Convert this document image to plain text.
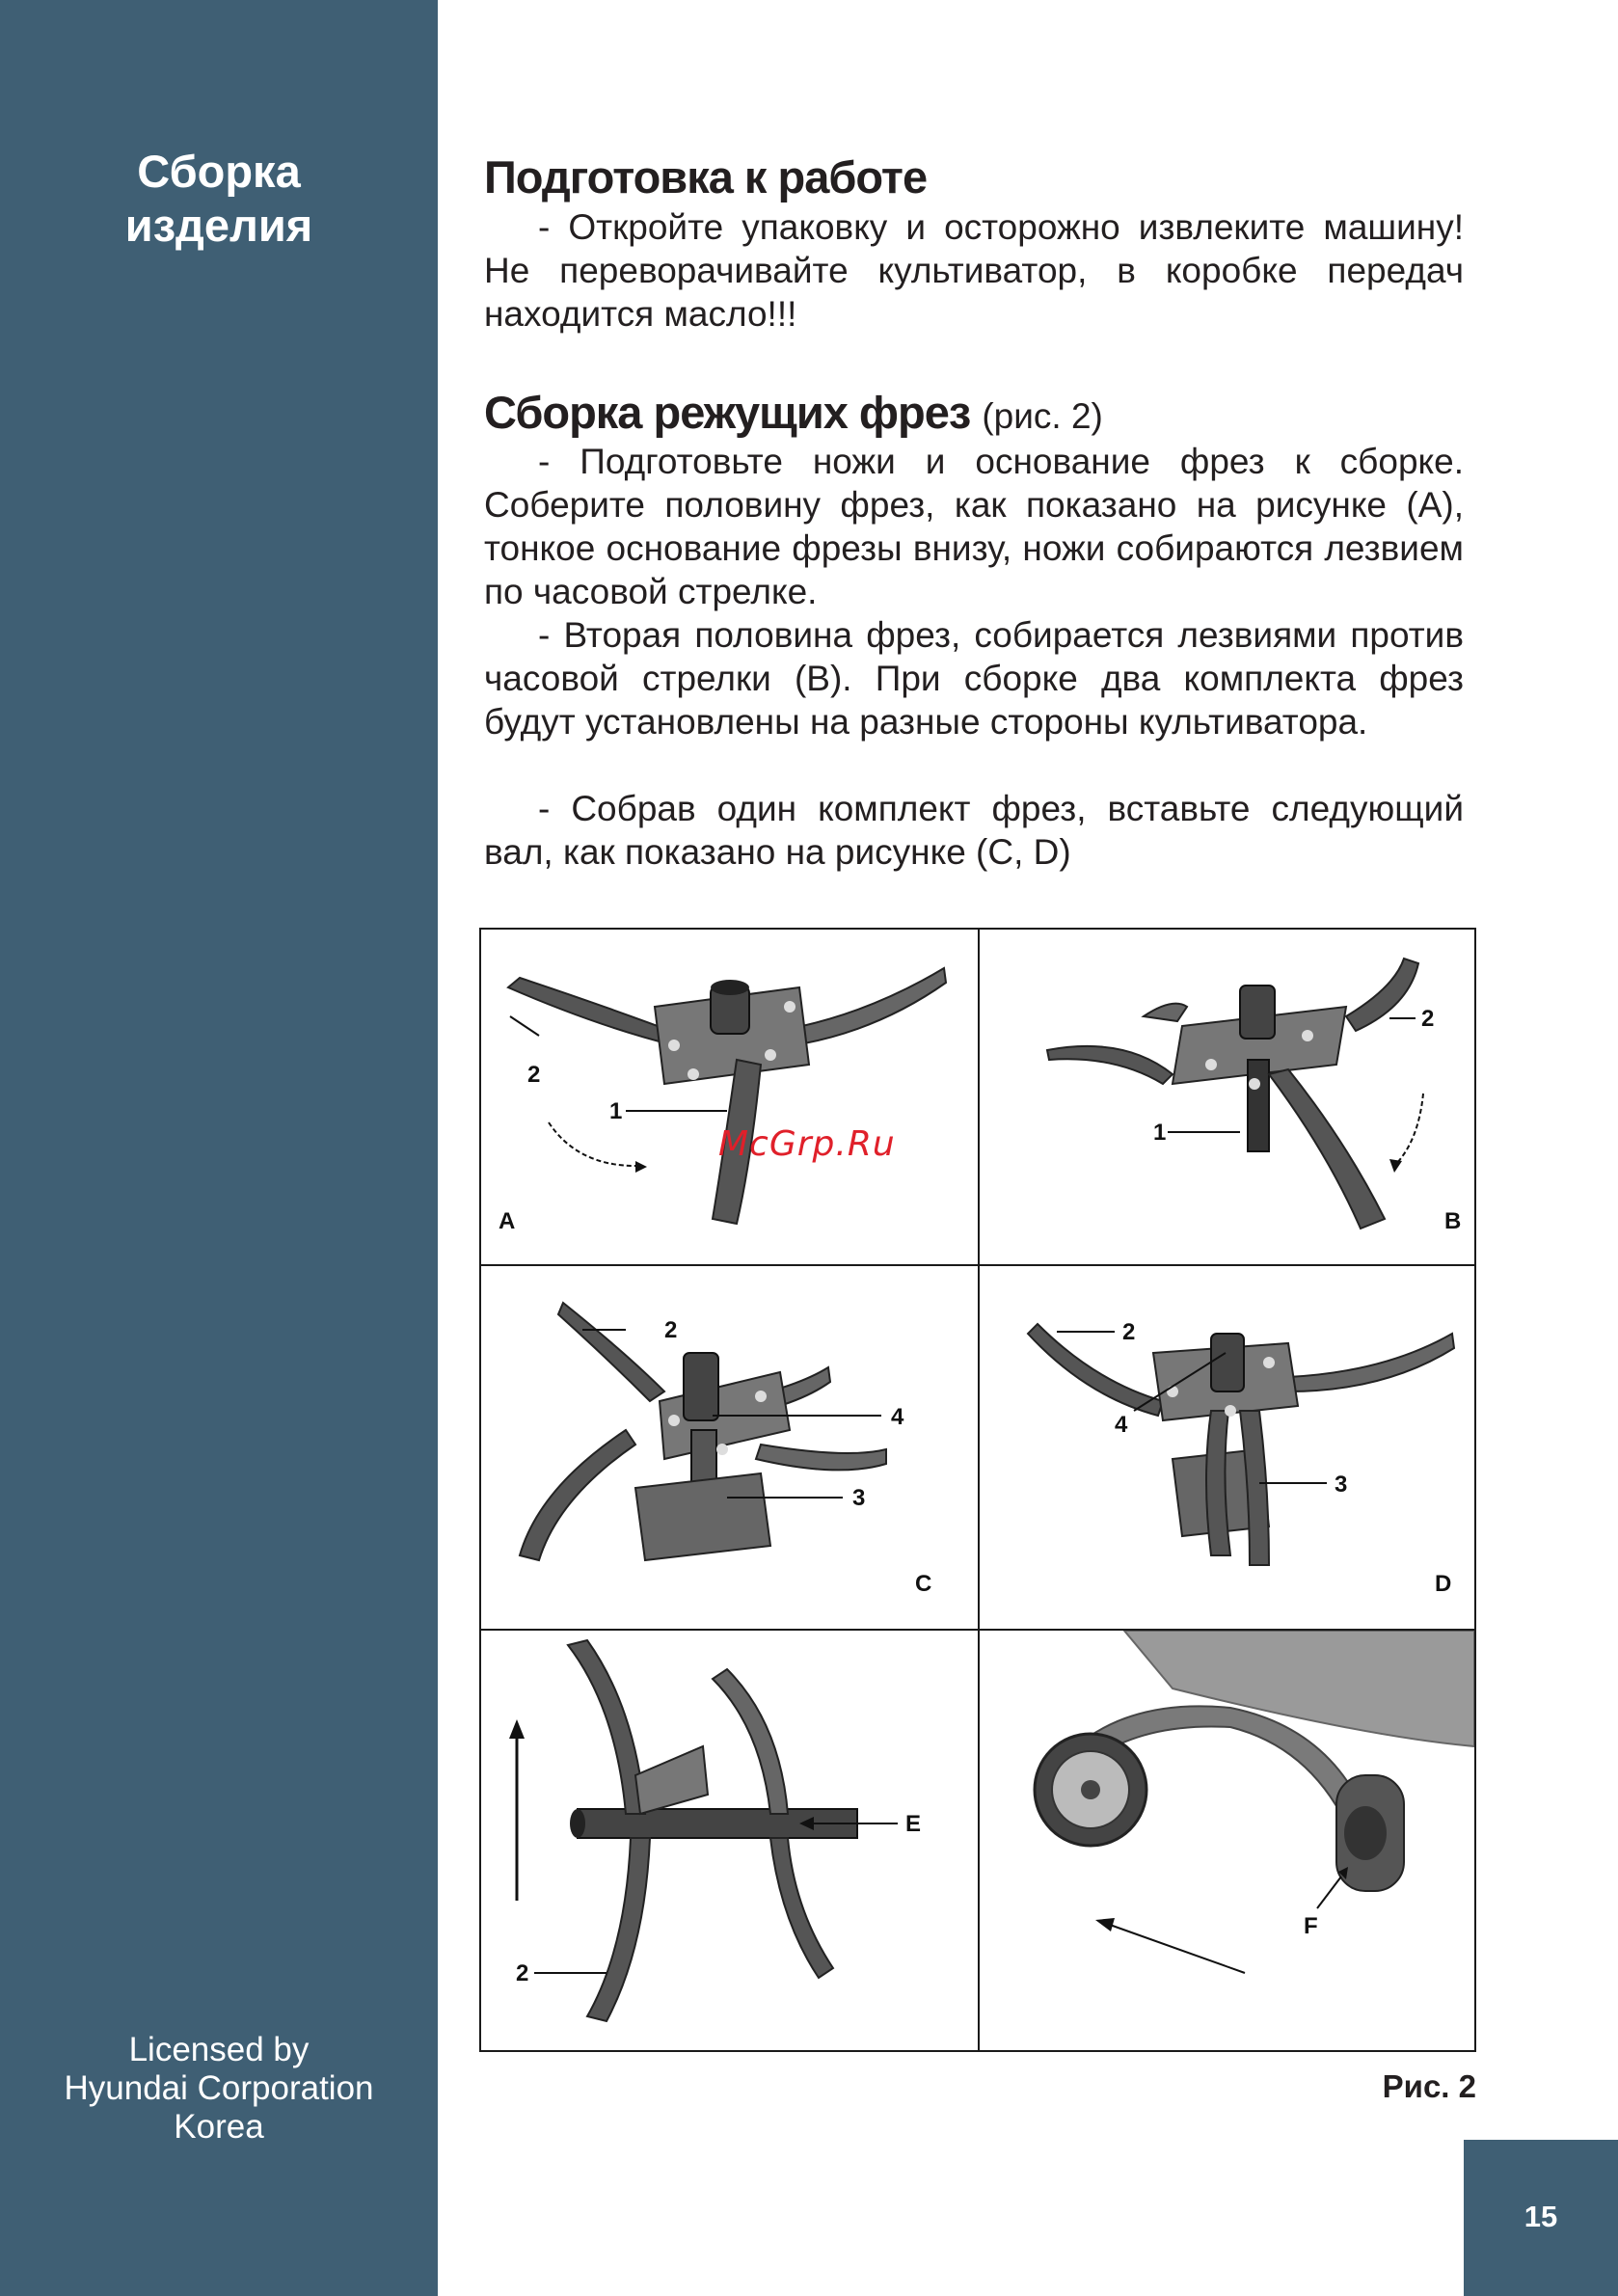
Сборка
изделия
Licensed by
Hyundai Corporation
Korea
Подготовка к работе

- Откройте упаковку и осторожно извлеките машину! Не переворачивайте культиватор, в коробке передач находится масло!!!

Сборка режущих фрез (рис. 2)

- Подготовьте ножи и основание фрез к сборке. Соберите половину фрез, как показано на рисунке (А), тонкое основание фрезы внизу, ножи собираются лезвием по часовой стрелке.

- Вторая половина фрез, собирается лезвиями против часовой стрелки (В). При сборке два комплекта фрез будут установлены на разные стороны культиватора.

- Собрав один комплект фрез, вставьте следующий вал, как показано на рисунке (C, D)

2
1
A
2
1
B
2
4
3
C
2
4
3
D
E
2
F
McGrp.Ru
Рис. 2
15
